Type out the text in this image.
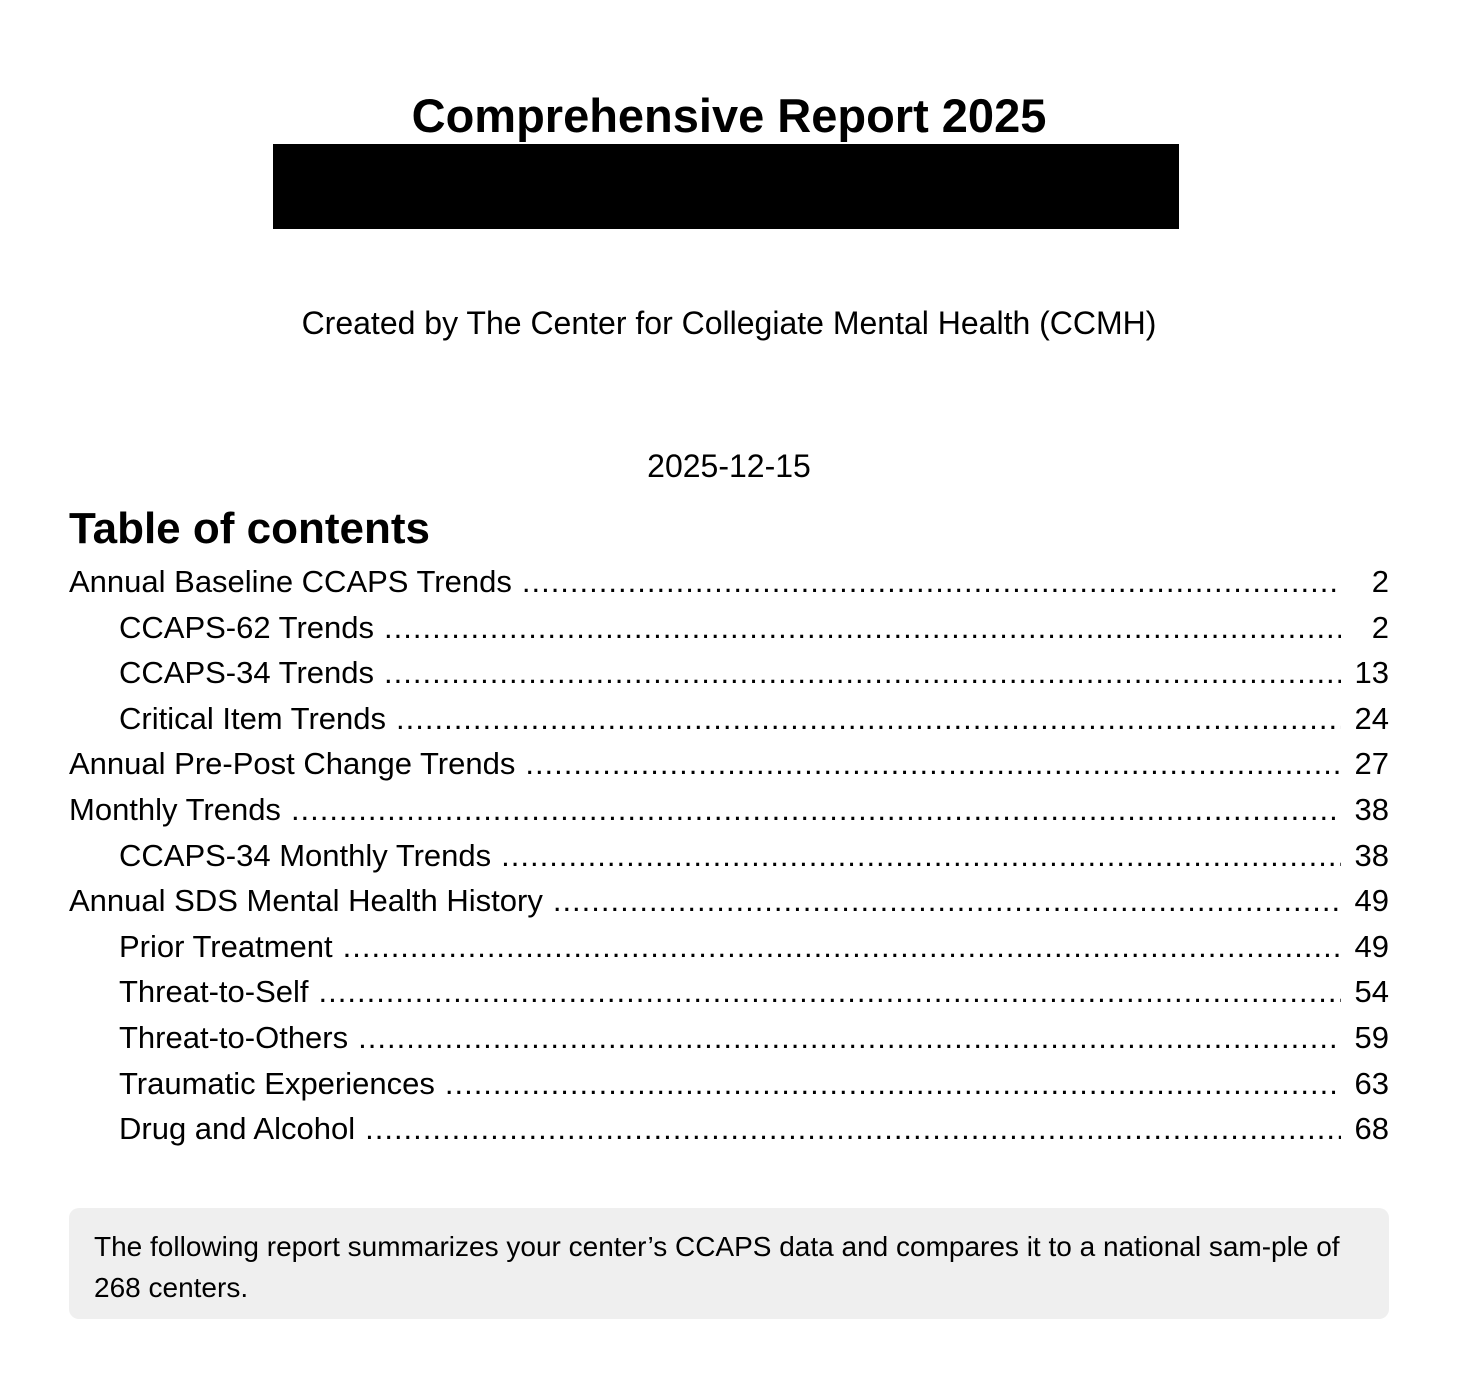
Comprehensive Report 2025
Created by The Center for Collegiate Mental Health (CCMH)
2025-12-15
Table of contents
Annual Baseline CCAPS Trends .....	2
CCAPS-62 Trends .....	2
CCAPS-34 Trends .....	13
Critical Item Trends .....	24
Annual Pre-Post Change Trends .....	27
Monthly Trends .....	38
CCAPS-34 Monthly Trends .....	38
Annual SDS Mental Health History .....	49
Prior Treatment .....	49
Threat-to-Self .....	54
Threat-to-Others .....	59
Traumatic Experiences .....	63
Drug and Alcohol .....	68
The following report summarizes your center’s CCAPS data and compares it to a national sam-ple of 268 centers.
